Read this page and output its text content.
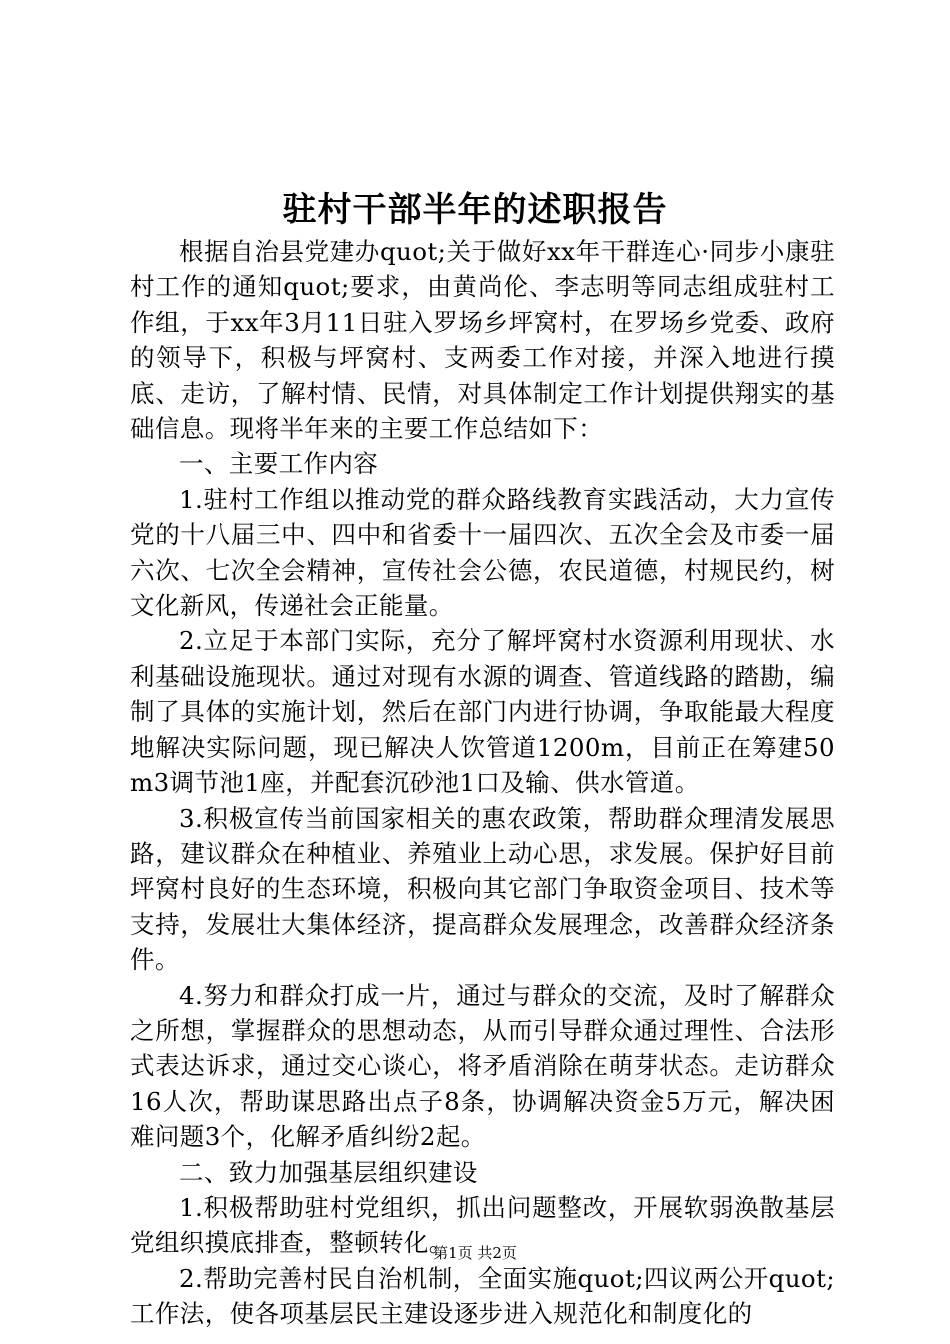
驻村干部半年的述职报告

根据自治县党建办quot;关于做好xx年干群连心·同步小康驻村工作的通知quot;要求，由黄尚伦、李志明等同志组成驻村工作组，于xx年3月11日驻入罗场乡坪窝村，在罗场乡党委、政府的领导下，积极与坪窝村、支两委工作对接，并深入地进行摸底、走访，了解村情、民情，对具体制定工作计划提供翔实的基础信息。现将半年来的主要工作总结如下：

一、主要工作内容

1.驻村工作组以推动党的群众路线教育实践活动，大力宣传党的十八届三中、四中和省委十一届四次、五次全会及市委一届六次、七次全会精神，宣传社会公德，农民道德，村规民约，树文化新风，传递社会正能量。

2.立足于本部门实际，充分了解坪窝村水资源利用现状、水利基础设施现状。通过对现有水源的调查、管道线路的踏勘，编制了具体的实施计划，然后在部门内进行协调，争取能最大程度地解决实际问题，现已解决人饮管道1200m，目前正在筹建50m3调节池1座，并配套沉砂池1口及输、供水管道。

3.积极宣传当前国家相关的惠农政策，帮助群众理清发展思路，建议群众在种植业、养殖业上动心思，求发展。保护好目前坪窝村良好的生态环境，积极向其它部门争取资金项目、技术等支持，发展壮大集体经济，提高群众发展理念，改善群众经济条件。

4.努力和群众打成一片，通过与群众的交流，及时了解群众之所想，掌握群众的思想动态，从而引导群众通过理性、合法形式表达诉求，通过交心谈心，将矛盾消除在萌芽状态。走访群众16人次，帮助谋思路出点子8条，协调解决资金5万元，解决困难问题3个，化解矛盾纠纷2起。

二、致力加强基层组织建设

1.积极帮助驻村党组织，抓出问题整改，开展软弱涣散基层党组织摸底排查，整顿转化。

2.帮助完善村民自治机制，全面实施quot;四议两公开quot;工作法，使各项基层民主建设逐步进入规范化和制度化的

第1页 共2页
